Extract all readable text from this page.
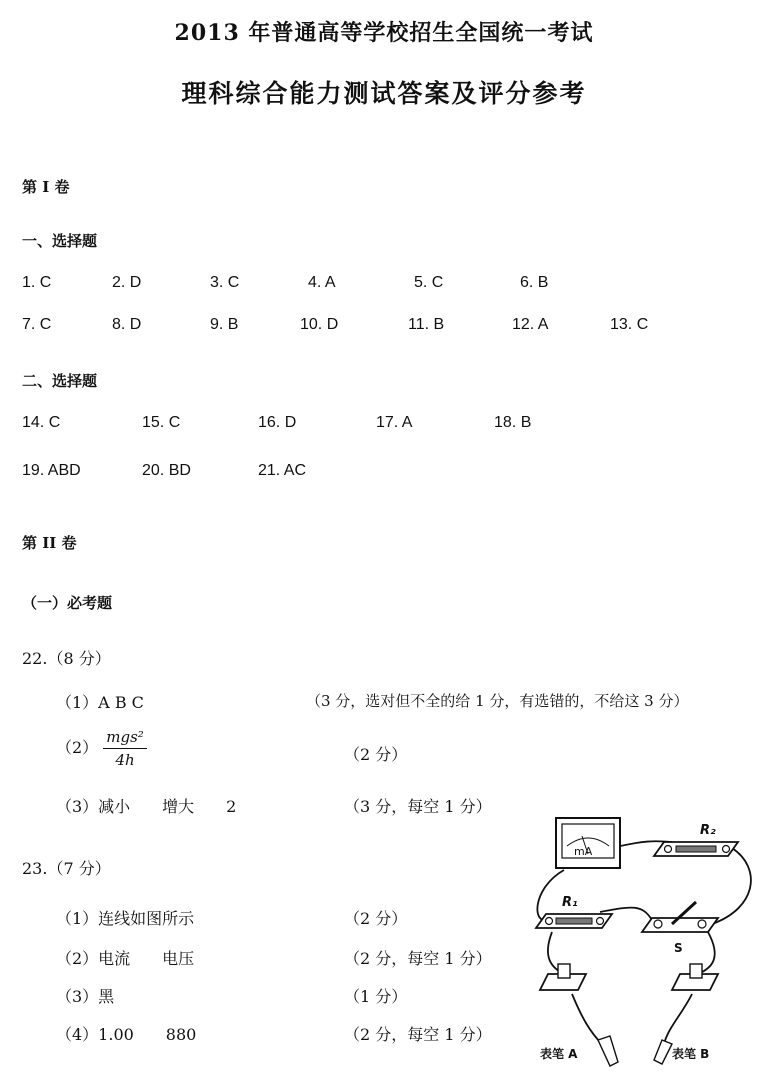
2013 年普通高等学校招生全国统一考试
理科综合能力测试答案及评分参考
第 I 卷
一、选择题
1. C	2. D	3. C	4. A	5. C	6. B
7. C	8. D	9. B	10. D	11. B	12. A	13. C
二、选择题
14. C	15. C	16. D	17. A	18. B
19. ABD	20. BD	21. AC
第 II 卷
（一）必考题
22.（8 分）
（1）A B C	（3 分，选对但不全的给 1 分，有选错的，不给这 3 分）
$(2) \frac{\text{mgs²}}{4h}$	（2 分）
（3）减小　　增大　　2	（3 分，每空 1 分）
23.（7 分）
（1）连线如图所示	（2 分）
（2）电流　　电压	（2 分，每空 1 分）
（3）黑	（1 分）
（4）1.00　　880	（2 分，每空 1 分）
mA
R₂
R₁
S
表笔 A	表笔 B
